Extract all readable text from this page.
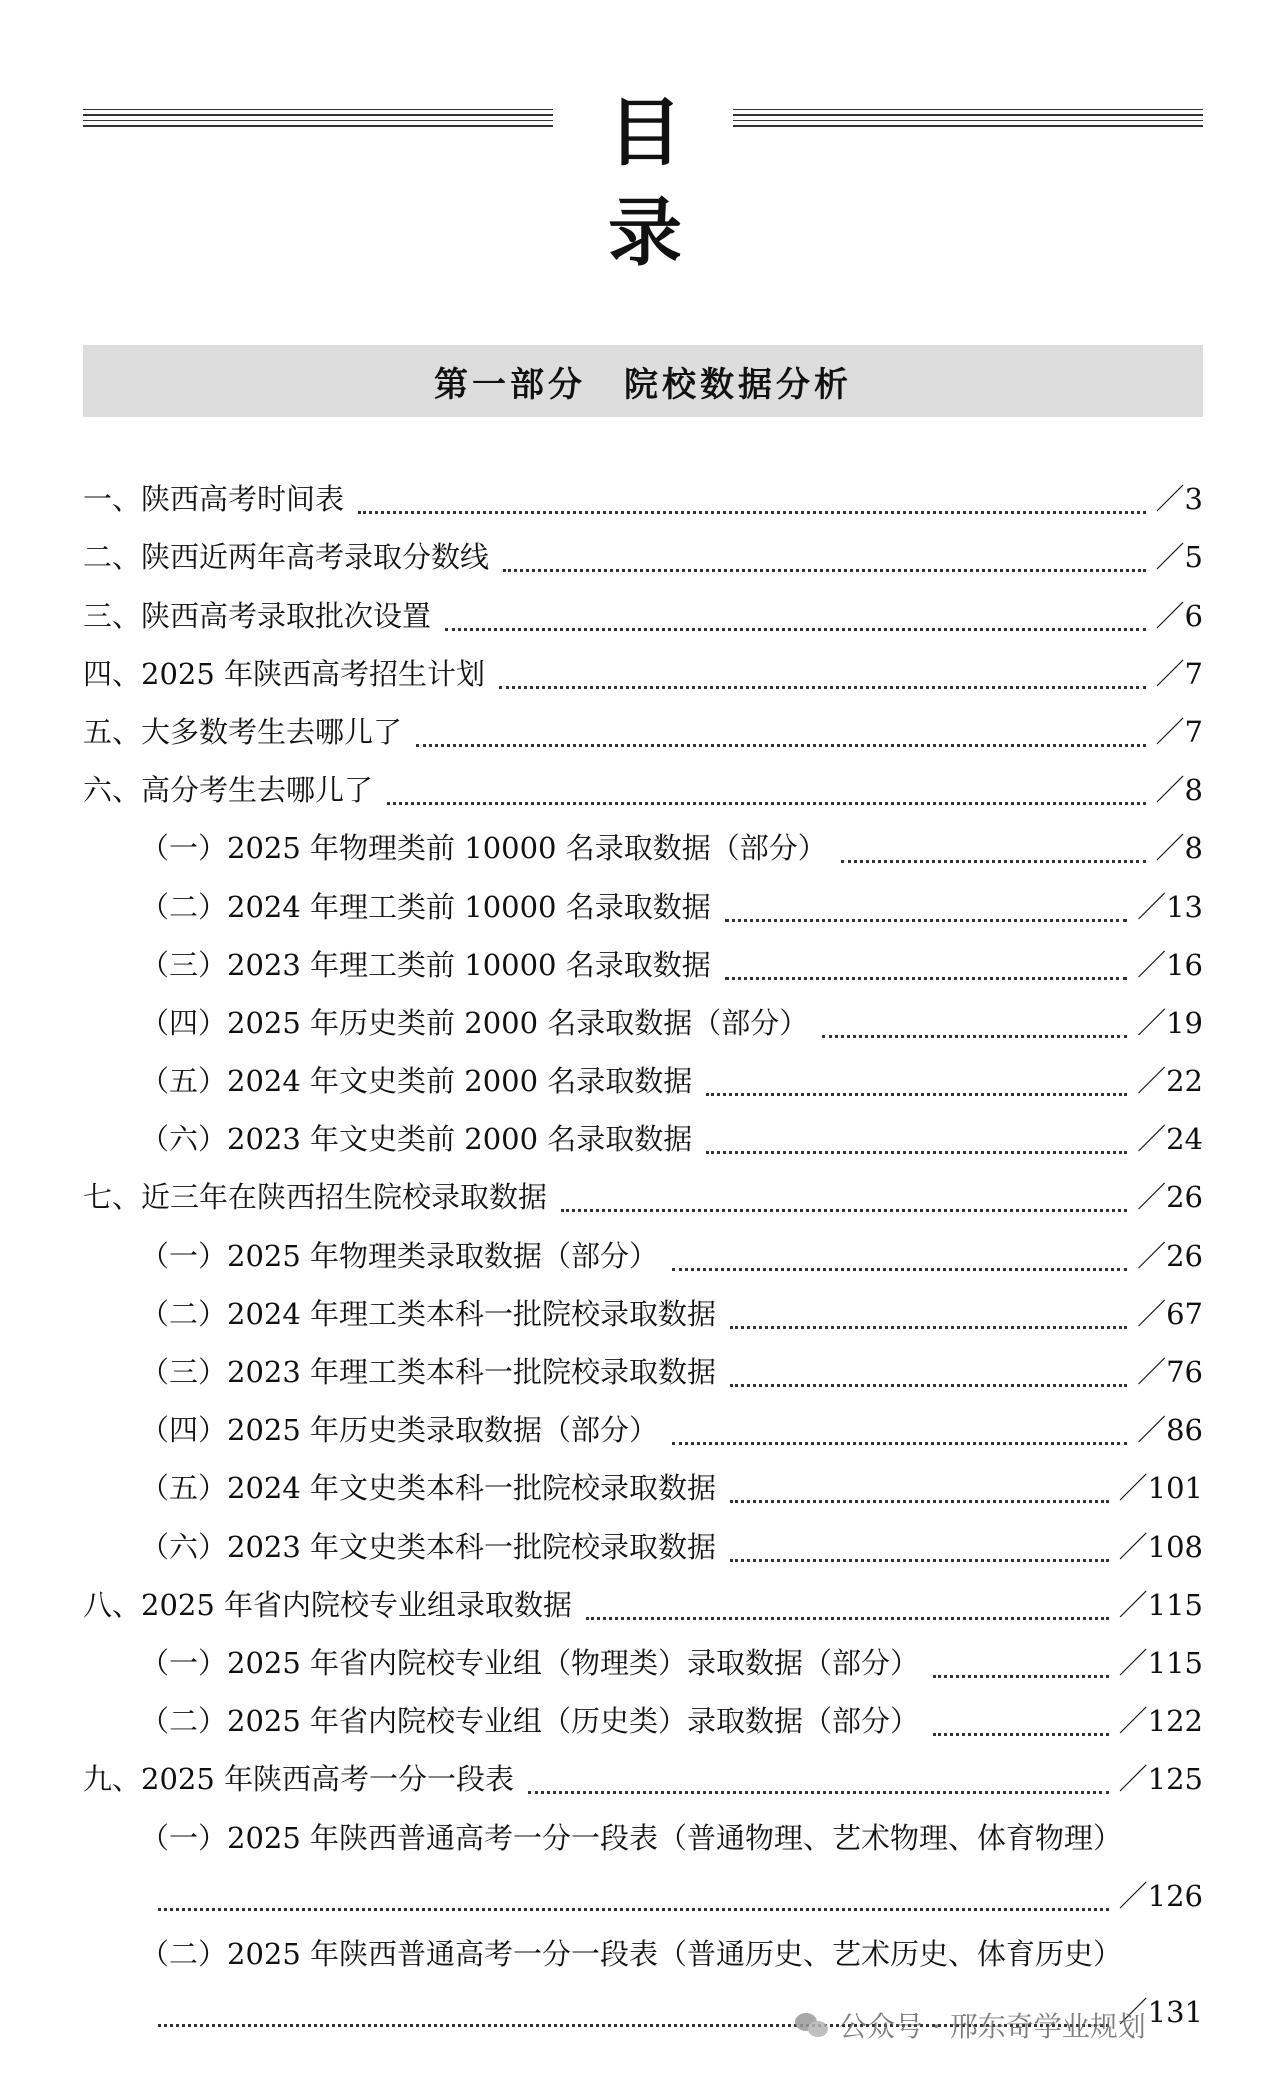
目录
第一部分　院校数据分析
一、陕西高考时间表	／3
二、陕西近两年高考录取分数线	／5
三、陕西高考录取批次设置	／6
四、2025 年陕西高考招生计划	／7
五、大多数考生去哪儿了	／7
六、高分考生去哪儿了	／8
（一）2025 年物理类前 10000 名录取数据（部分）	／8
（二）2024 年理工类前 10000 名录取数据	／13
（三）2023 年理工类前 10000 名录取数据	／16
（四）2025 年历史类前 2000 名录取数据（部分）	／19
（五）2024 年文史类前 2000 名录取数据	／22
（六）2023 年文史类前 2000 名录取数据	／24
七、近三年在陕西招生院校录取数据	／26
（一）2025 年物理类录取数据（部分）	／26
（二）2024 年理工类本科一批院校录取数据	／67
（三）2023 年理工类本科一批院校录取数据	／76
（四）2025 年历史类录取数据（部分）	／86
（五）2024 年文史类本科一批院校录取数据	／101
（六）2023 年文史类本科一批院校录取数据	／108
八、2025 年省内院校专业组录取数据	／115
（一）2025 年省内院校专业组（物理类）录取数据（部分）	／115
（二）2025 年省内院校专业组（历史类）录取数据（部分）	／122
九、2025 年陕西高考一分一段表	／125
（一）2025 年陕西普通高考一分一段表（普通物理、艺术物理、体育物理）
／126
（二）2025 年陕西普通高考一分一段表（普通历史、艺术历史、体育历史）
／131
公众号 · 邢东奇学业规划
